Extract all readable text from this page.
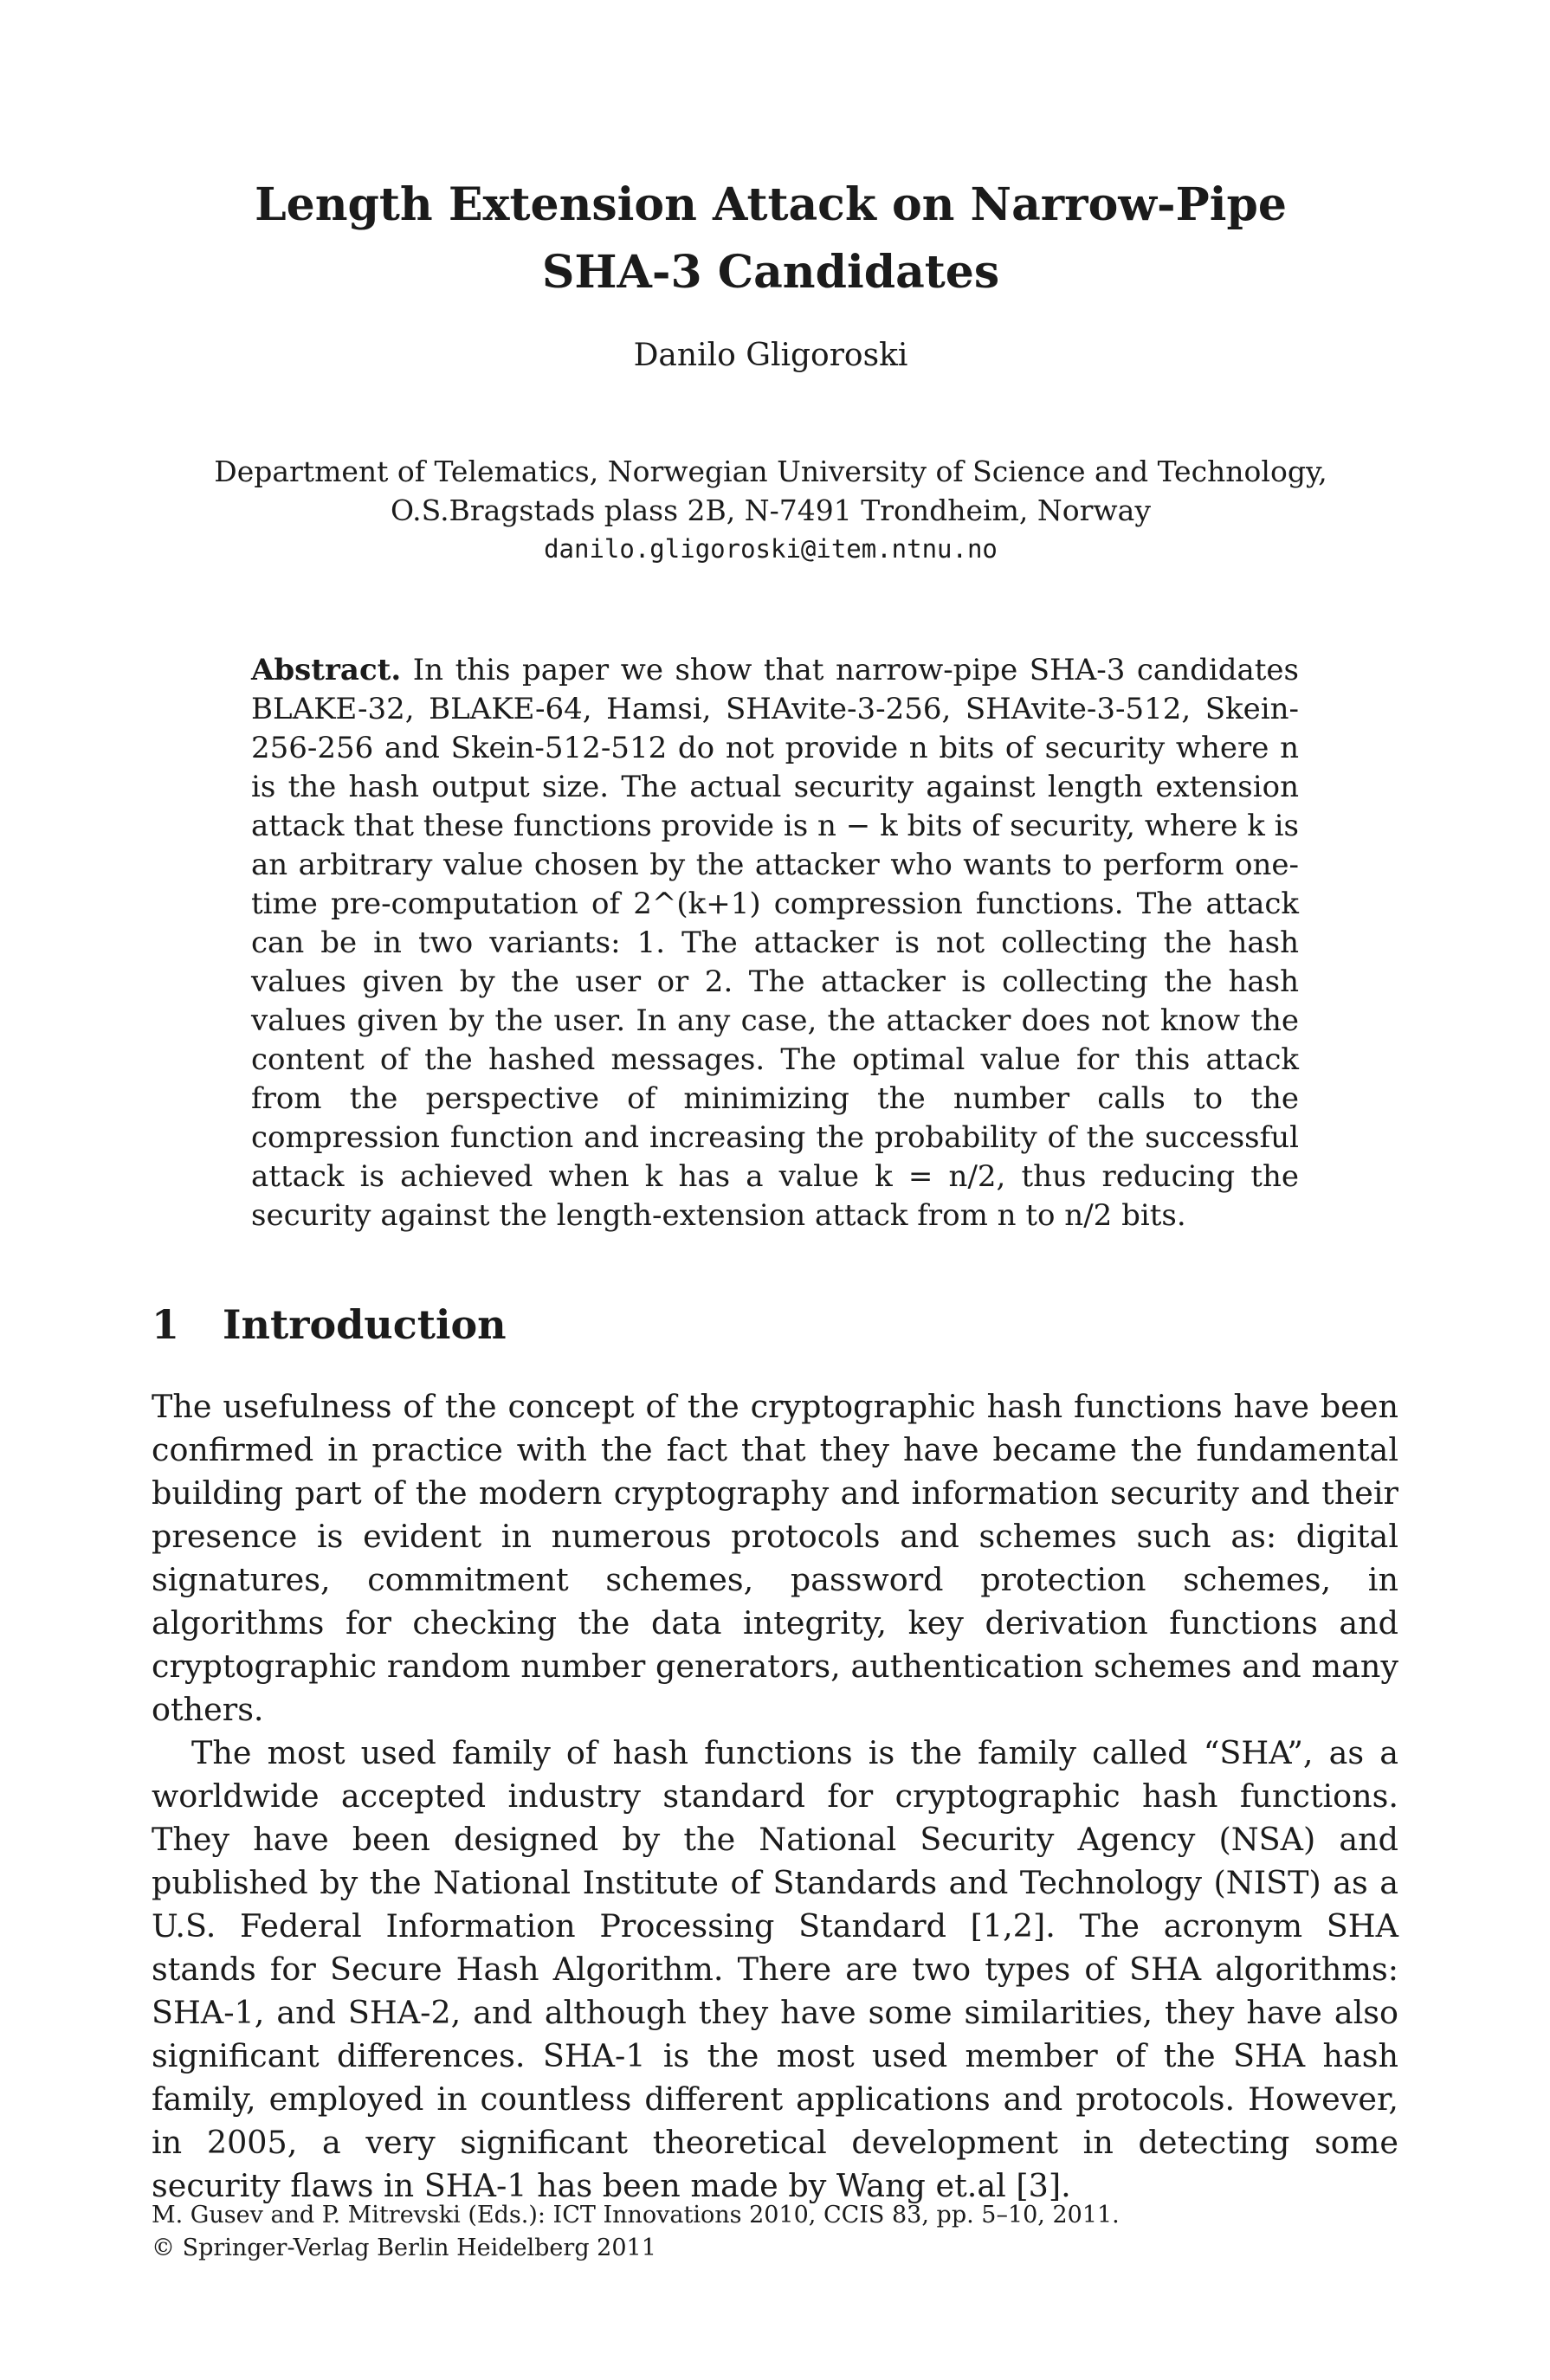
Length Extension Attack on Narrow-Pipe
SHA-3 Candidates
Danilo Gligoroski
Department of Telematics, Norwegian University of Science and Technology,
O.S.Bragstads plass 2B, N-7491 Trondheim, Norway
danilo.gligoroski@item.ntnu.no

Abstract. In this paper we show that narrow-pipe SHA-3 candidates BLAKE-32, BLAKE-64, Hamsi, SHAvite-3-256, SHAvite-3-512, Skein-256-256 and Skein-512-512 do not provide n bits of security where n is the hash output size. The actual security against length extension attack that these functions provide is n − k bits of security, where k is an arbitrary value chosen by the attacker who wants to perform one-time pre-computation of 2^(k+1) compression functions. The attack can be in two variants: 1. The attacker is not collecting the hash values given by the user or 2. The attacker is collecting the hash values given by the user. In any case, the attacker does not know the content of the hashed messages. The optimal value for this attack from the perspective of minimizing the number calls to the compression function and increasing the probability of the successful attack is achieved when k has a value k = n/2, thus reducing the security against the length-extension attack from n to n/2 bits.

1 Introduction

The usefulness of the concept of the cryptographic hash functions have been confirmed in practice with the fact that they have became the fundamental building part of the modern cryptography and information security and their presence is evident in numerous protocols and schemes such as: digital signatures, commitment schemes, password protection schemes, in algorithms for checking the data integrity, key derivation functions and cryptographic random number generators, authentication schemes and many others.

The most used family of hash functions is the family called “SHA”, as a worldwide accepted industry standard for cryptographic hash functions. They have been designed by the National Security Agency (NSA) and published by the National Institute of Standards and Technology (NIST) as a U.S. Federal Information Processing Standard [1,2]. The acronym SHA stands for Secure Hash Algorithm. There are two types of SHA algorithms: SHA-1, and SHA-2, and although they have some similarities, they have also significant differences. SHA-1 is the most used member of the SHA hash family, employed in countless different applications and protocols. However, in 2005, a very significant theoretical development in detecting some security flaws in SHA-1 has been made by Wang et.al [3].

M. Gusev and P. Mitrevski (Eds.): ICT Innovations 2010, CCIS 83, pp. 5–10, 2011.
© Springer-Verlag Berlin Heidelberg 2011
